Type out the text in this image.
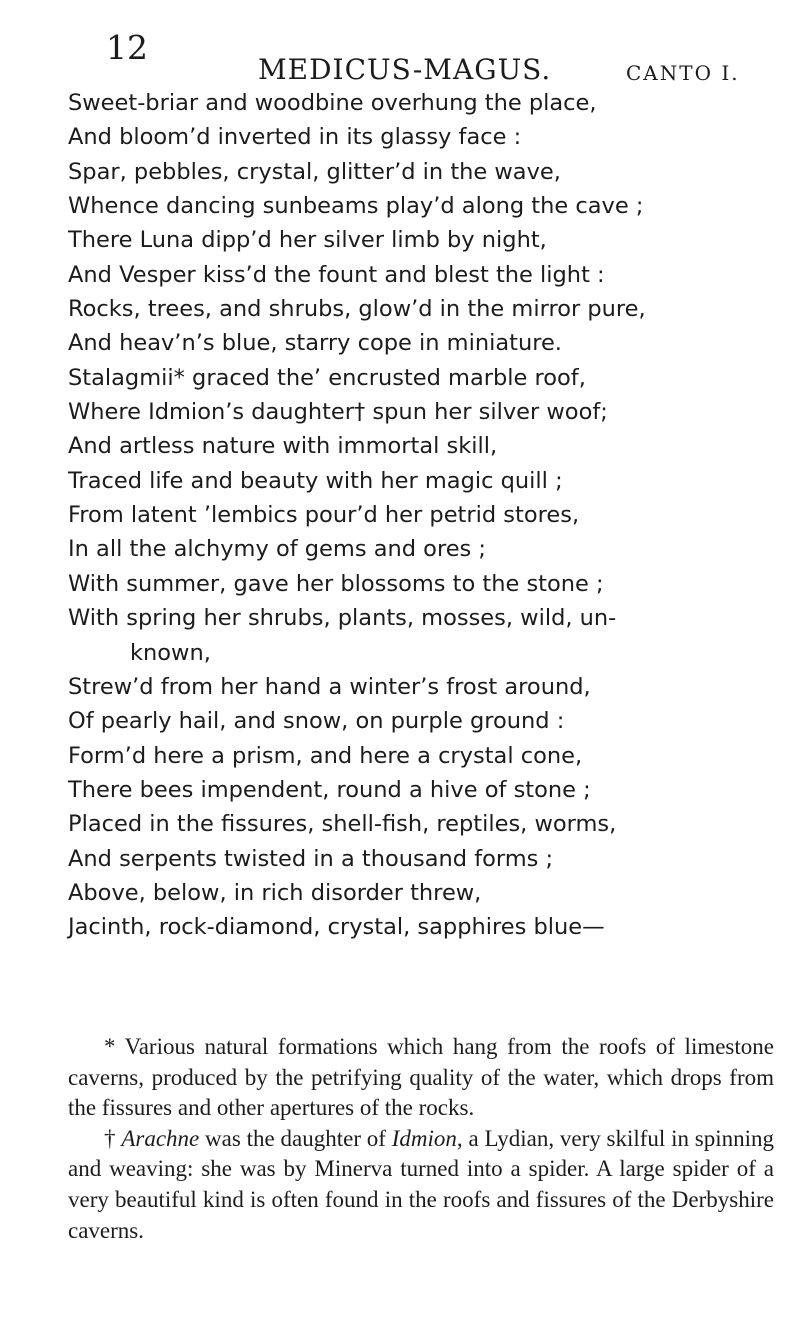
12
MEDICUS-MAGUS.	CANTO I.
Sweet-briar and woodbine overhung the place,
And bloom’d inverted in its glassy face :
Spar, pebbles, crystal, glitter’d in the wave,
Whence dancing sunbeams play’d along the cave ;
There Luna dipp’d her silver limb by night,
And Vesper kiss’d the fount and blest the light :
Rocks, trees, and shrubs, glow’d in the mirror pure,
And heav’n’s blue, starry cope in miniature.
Stalagmii* graced the’ encrusted marble roof,
Where Idmion’s daughter† spun her silver woof;
And artless nature with immortal skill,
Traced life and beauty with her magic quill ;
From latent ’lembics pour’d her petrid stores,
In all the alchymy of gems and ores ;
With summer, gave her blossoms to the stone ;
With spring her shrubs, plants, mosses, wild, un-
known,
Strew’d from her hand a winter’s frost around,
Of pearly hail, and snow, on purple ground :
Form’d here a prism, and here a crystal cone,
There bees impendent, round a hive of stone ;
Placed in the fissures, shell-fish, reptiles, worms,
And serpents twisted in a thousand forms ;
Above, below, in rich disorder threw,
Jacinth, rock-diamond, crystal, sapphires blue—

* Various natural formations which hang from the roofs of limestone caverns, produced by the petrifying quality of the water, which drops from the fissures and other apertures of the rocks.

† Arachne was the daughter of Idmion, a Lydian, very skilful in spinning and weaving: she was by Minerva turned into a spider. A large spider of a very beautiful kind is often found in the roofs and fissures of the Derbyshire caverns.
